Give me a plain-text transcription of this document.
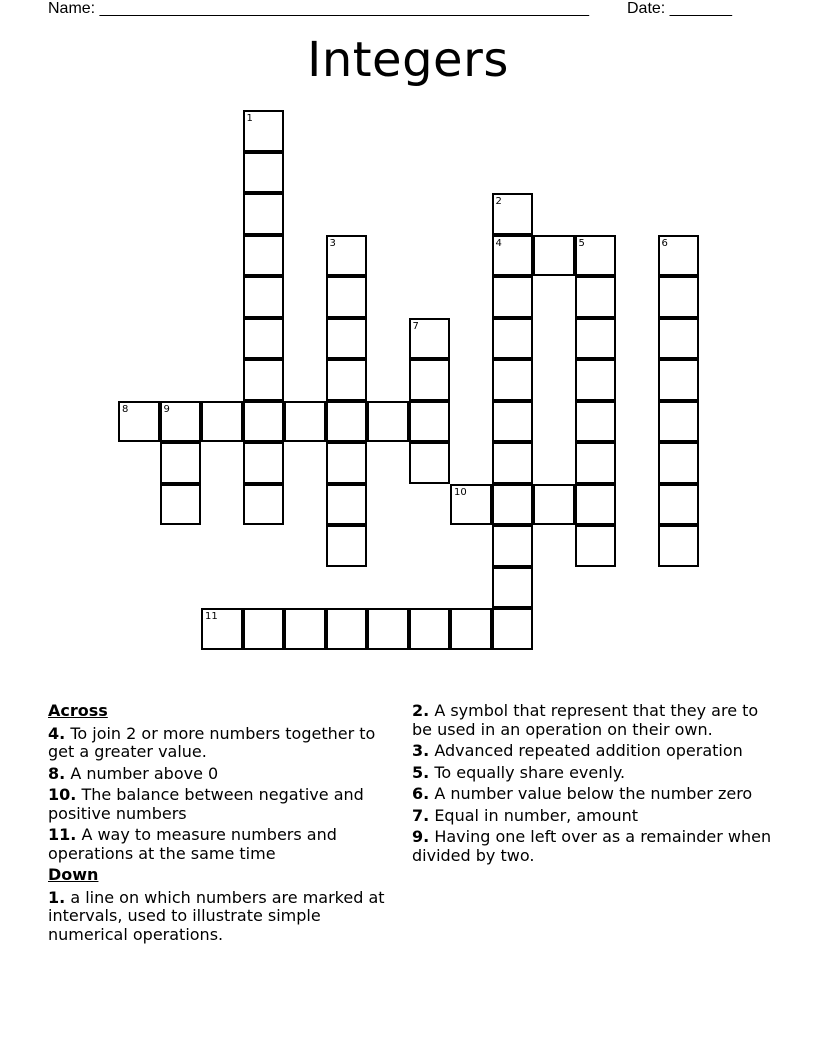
Name: _______________________________________________________ Date: _______
Integers
1
2
3	4	5	6
7
8	9
10
11
Across
4. To join 2 or more numbers together to get a greater value.
8. A number above 0
10. The balance between negative and positive numbers
11. A way to measure numbers and operations at the same time
Down
1. a line on which numbers are marked at intervals, used to illustrate simple numerical operations.
2. A symbol that represent that they are to be used in an operation on their own.
3. Advanced repeated addition operation
5. To equally share evenly.
6. A number value below the number zero
7. Equal in number, amount
9. Having one left over as a remainder when divided by two.
